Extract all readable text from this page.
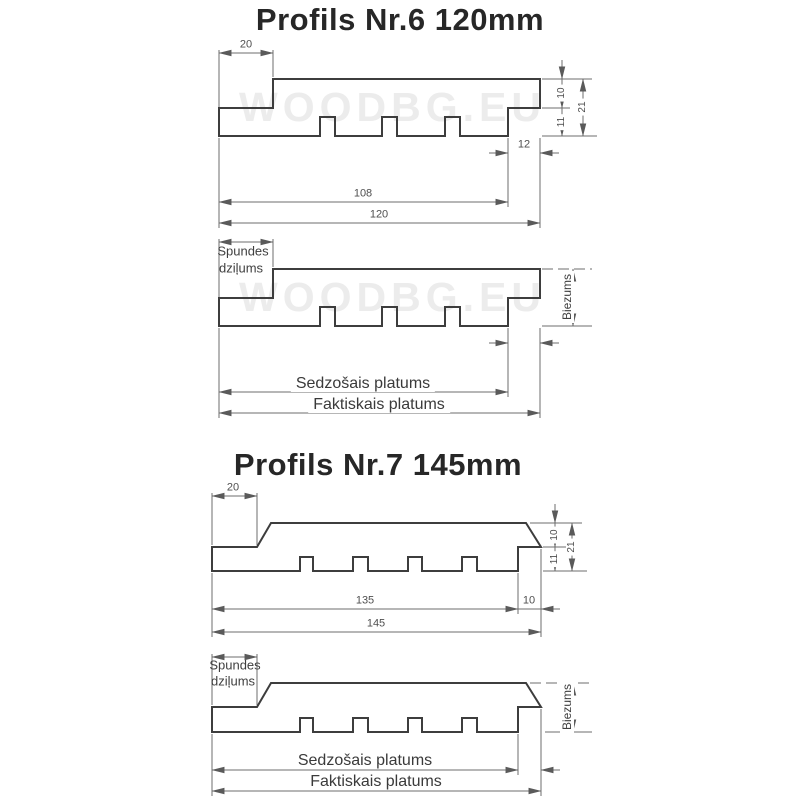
WOODBG.EU
WOODBG.EU
Profils Nr.6 120mm
Profils Nr.7 145mm
20
10
11
21
12
108
120
Spundes
dziļums
Biezums
Sedzošais platums
Faktiskais platums
20
10
11
21
135	10
145
Spundes
dziļums
Biezums
Sedzošais platums
Faktiskais platums
